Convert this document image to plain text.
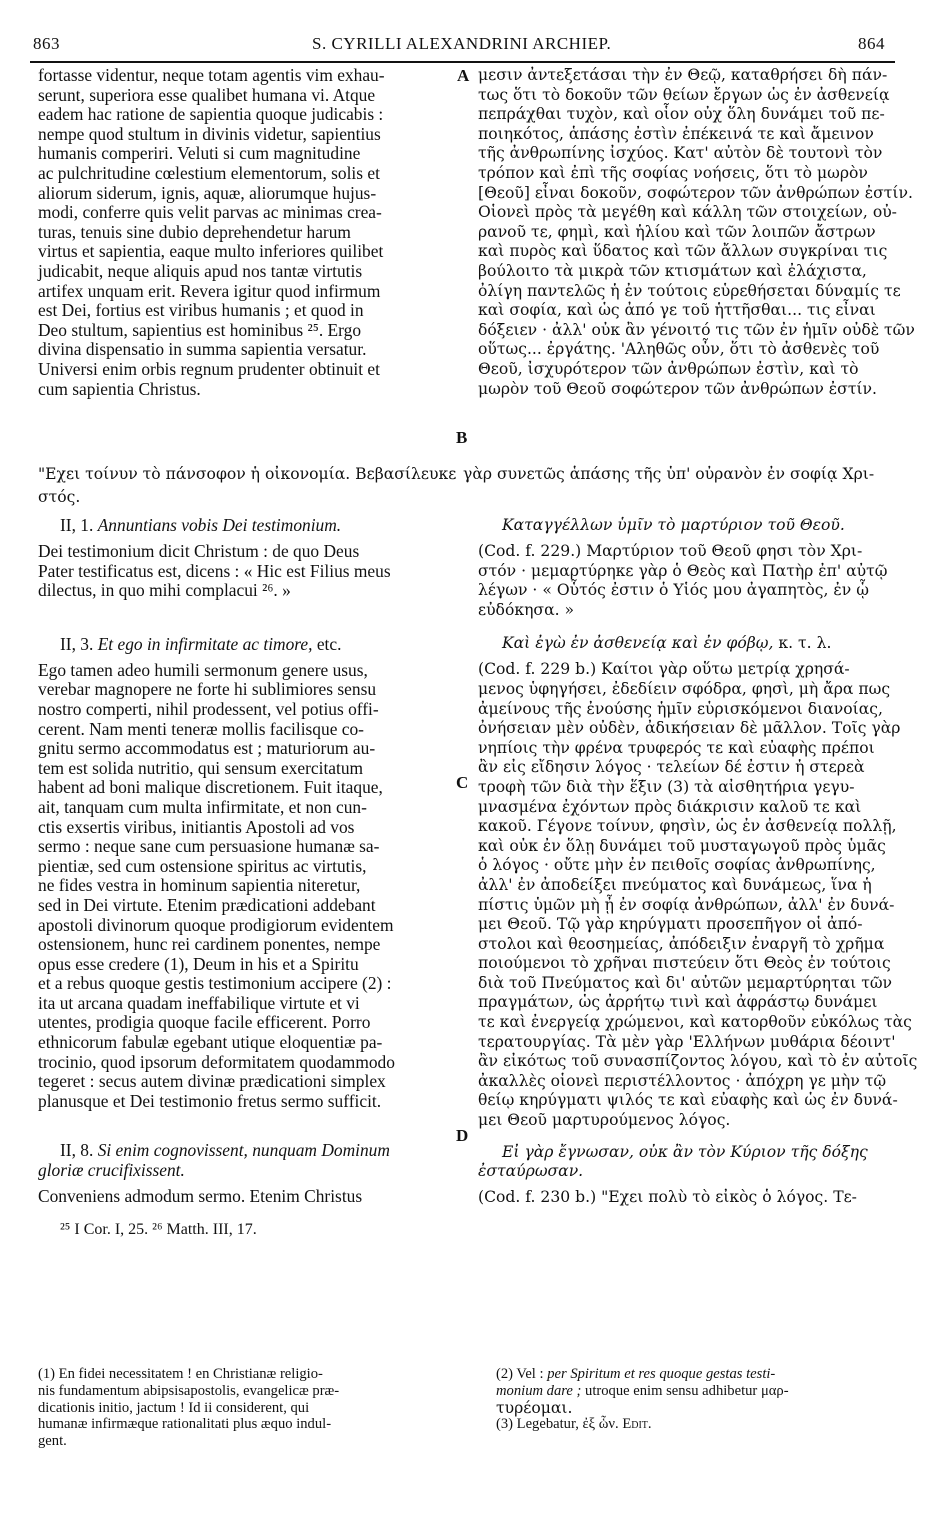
863	S. CYRILLI ALEXANDRINI ARCHIEP.	864
A
B
C
D
fortasse videntur, neque totam agentis vim exhau-
serunt, superiora esse qualibet humana vi. Atque
eadem hac ratione de sapientia quoque judicabis :
nempe quod stultum in divinis videtur, sapientius
humanis comperiri. Veluti si cum magnitudine
ac pulchritudine cœlestium elementorum, solis et
aliorum siderum, ignis, aquæ, aliorumque hujus-
modi, conferre quis velit parvas ac minimas crea-
turas, tenuis sine dubio deprehendetur harum
virtus et sapientia, eaque multo inferiores quilibet
judicabit, neque aliquis apud nos tantæ virtutis
artifex unquam erit. Revera igitur quod infirmum
est Dei, fortius est viribus humanis ; et quod in
Deo stultum, sapientius est hominibus ²⁵. Ergo
divina dispensatio in summa sapientia versatur.
Universi enim orbis regnum prudenter obtinuit et
cum sapientia Christus.
"Εχει τοίνυν τὸ πάνσοφον ἡ οἰκονομία. Βεβασίλευκε γὰρ συνετῶς ἁπάσης τῆς ὑπ' οὐρανὸν ἐν σοφίᾳ Χρι-
στός.
II, 1. Annuntians vobis Dei testimonium.
Dei testimonium dicit Christum : de quo Deus
Pater testificatus est, dicens : « Hic est Filius meus
dilectus, in quo mihi complacui ²⁶. »
II, 3. Et ego in infirmitate ac timore, etc.
Ego tamen adeo humili sermonum genere usus,
verebar magnopere ne forte hi sublimiores sensu
nostro comperti, nihil prodessent, vel potius offi-
cerent. Nam menti teneræ mollis facilisque co-
gnitu sermo accommodatus est ; maturiorum au-
tem est solida nutritio, qui sensum exercitatum
habent ad boni malique discretionem. Fuit itaque,
ait, tanquam cum multa infirmitate, et non cun-
ctis exsertis viribus, initiantis Apostoli ad vos
sermo : neque sane cum persuasione humanæ sa-
pientiæ, sed cum ostensione spiritus ac virtutis,
ne fides vestra in hominum sapientia niteretur,
sed in Dei virtute. Etenim prædicationi addebant
apostoli divinorum quoque prodigiorum evidentem
ostensionem, hunc rei cardinem ponentes, nempe
opus esse credere (1), Deum in his et a Spiritu
et a rebus quoque gestis testimonium accipere (2) :
ita ut arcana quadam ineffabilique virtute et vi
utentes, prodigia quoque facile efficerent. Porro
ethnicorum fabulæ egebant utique eloquentiæ pa-
trocinio, quod ipsorum deformitatem quodammodo
tegeret : secus autem divinæ prædicationi simplex
planusque et Dei testimonio fretus sermo sufficit.
II, 8. Si enim cognovissent, nunquam Dominum
gloriæ crucifixissent.
Conveniens admodum sermo. Etenim Christus
²⁵ I Cor. I, 25. ²⁶ Matth. III, 17.
μεσιν ἀντεξετάσαι τὴν ἐν Θεῷ, καταθρήσει δὴ πάν-
τως ὅτι τὸ δοκοῦν τῶν θείων ἔργων ὡς ἐν ἀσθενείᾳ
πεπράχθαι τυχὸν, καὶ οἷον οὐχ ὅλη δυνάμει τοῦ πε-
ποιηκότος, ἁπάσης ἐστὶν ἐπέκεινά τε καὶ ἄμεινον
τῆς ἀνθρωπίνης ἰσχύος. Κατ' αὐτὸν δὲ τουτονὶ τὸν
τρόπον καὶ ἐπὶ τῆς σοφίας νοήσεις, ὅτι τὸ μωρὸν
[Θεοῦ] εἶναι δοκοῦν, σοφώτερον τῶν ἀνθρώπων ἐστίν.
Οἱονεὶ πρὸς τὰ μεγέθη καὶ κάλλη τῶν στοιχείων, οὐ-
ρανοῦ τε, φημὶ, καὶ ἡλίου καὶ τῶν λοιπῶν ἄστρων
καὶ πυρὸς καὶ ὕδατος καὶ τῶν ἄλλων συγκρίναι τις
βούλοιτο τὰ μικρὰ τῶν κτισμάτων καὶ ἐλάχιστα,
ὀλίγη παντελῶς ἡ ἐν τούτοις εὑρεθήσεται δύναμίς τε
καὶ σοφία, καὶ ὡς ἀπό γε τοῦ ἡττῆσθαι... τις εἶναι
δόξειεν · ἀλλ' οὐκ ἂν γένοιτό τις τῶν ἐν ἡμῖν οὐδὲ τῶν
οὕτως... ἐργάτης. 'Αληθῶς οὖν, ὅτι τὸ ἀσθενὲς τοῦ
Θεοῦ, ἰσχυρότερον τῶν ἀνθρώπων ἐστὶν, καὶ τὸ
μωρὸν τοῦ Θεοῦ σοφώτερον τῶν ἀνθρώπων ἐστίν.
Καταγγέλλων ὑμῖν τὸ μαρτύριον τοῦ Θεοῦ.
(Cod. f. 229.) Μαρτύριον τοῦ Θεοῦ φησι τὸν Χρι-
στόν · μεμαρτύρηκε γὰρ ὁ Θεὸς καὶ Πατὴρ ἐπ' αὐτῷ
λέγων · « Οὗτός ἐστιν ὁ Υἱός μου ἀγαπητὸς, ἐν ᾧ
εὐδόκησα. »
Καὶ ἐγὼ ἐν ἀσθενείᾳ καὶ ἐν φόβῳ, κ. τ. λ.
(Cod. f. 229 b.) Καίτοι γὰρ οὕτω μετρίᾳ χρησά-
μενος ὑφηγήσει, ἐδεδίειν σφόδρα, φησὶ, μὴ ἄρα πως
ἀμείνους τῆς ἐνούσης ἡμῖν εὑρισκόμενοι διανοίας,
ὀνήσειαν μὲν οὐδὲν, ἀδικήσειαν δὲ μᾶλλον. Τοῖς γὰρ
νηπίοις τὴν φρένα τρυφερός τε καὶ εὐαφὴς πρέποι
ἂν εἰς εἴδησιν λόγος · τελείων δέ ἐστιν ἡ στερεὰ
τροφὴ τῶν διὰ τὴν ἕξιν (3) τὰ αἰσθητήρια γεγυ-
μνασμένα ἐχόντων πρὸς διάκρισιν καλοῦ τε καὶ
κακοῦ. Γέγονε τοίνυν, φησὶν, ὡς ἐν ἀσθενείᾳ πολλῇ,
καὶ οὐκ ἐν ὅλῃ δυνάμει τοῦ μυσταγωγοῦ πρὸς ὑμᾶς
ὁ λόγος · οὔτε μὴν ἐν πειθοῖς σοφίας ἀνθρωπίνης,
ἀλλ' ἐν ἀποδείξει πνεύματος καὶ δυνάμεως, ἵνα ἡ
πίστις ὑμῶν μὴ ᾖ ἐν σοφίᾳ ἀνθρώπων, ἀλλ' ἐν δυνά-
μει Θεοῦ. Τῷ γὰρ κηρύγματι προσεπῆγον οἱ ἀπό-
στολοι καὶ θεοσημείας, ἀπόδειξιν ἐναργῆ τὸ χρῆμα
ποιούμενοι τὸ χρῆναι πιστεύειν ὅτι Θεὸς ἐν τούτοις
διὰ τοῦ Πνεύματος καὶ δι' αὐτῶν μεμαρτύρηται τῶν
πραγμάτων, ὡς ἀρρήτῳ τινὶ καὶ ἀφράστῳ δυνάμει
τε καὶ ἐνεργείᾳ χρώμενοι, καὶ κατορθοῦν εὐκόλως τὰς
τερατουργίας. Τὰ μὲν γὰρ 'Ελλήνων μυθάρια δέοιντ'
ἂν εἰκότως τοῦ συνασπίζοντος λόγου, καὶ τὸ ἐν αὐτοῖς
ἀκαλλὲς οἱονεὶ περιστέλλοντος · ἀπόχρη γε μὴν τῷ
θείῳ κηρύγματι ψιλός τε καὶ εὐαφὴς καὶ ὡς ἐν δυνά-
μει Θεοῦ μαρτυρούμενος λόγος.
Εἰ γὰρ ἔγνωσαν, οὐκ ἂν τὸν Κύριον τῆς δόξης
ἐσταύρωσαν.
(Cod. f. 230 b.) "Εχει πολὺ τὸ εἰκὸς ὁ λόγος. Τε-
(1) En fidei necessitatem ! en Christianæ religio-
nis fundamentum abipsisapostolis, evangelicæ præ-
dicationis initio, jactum ! Id ii considerent, qui
humanæ infirmæque rationalitati plus æquo indul-
gent.
(2) Vel : per Spiritum et res quoque gestas testi-
monium dare ; utroque enim sensu adhibetur μαρ-
τυρέομαι.
(3) Legebatur, ἐξ ὧν. Edit.
